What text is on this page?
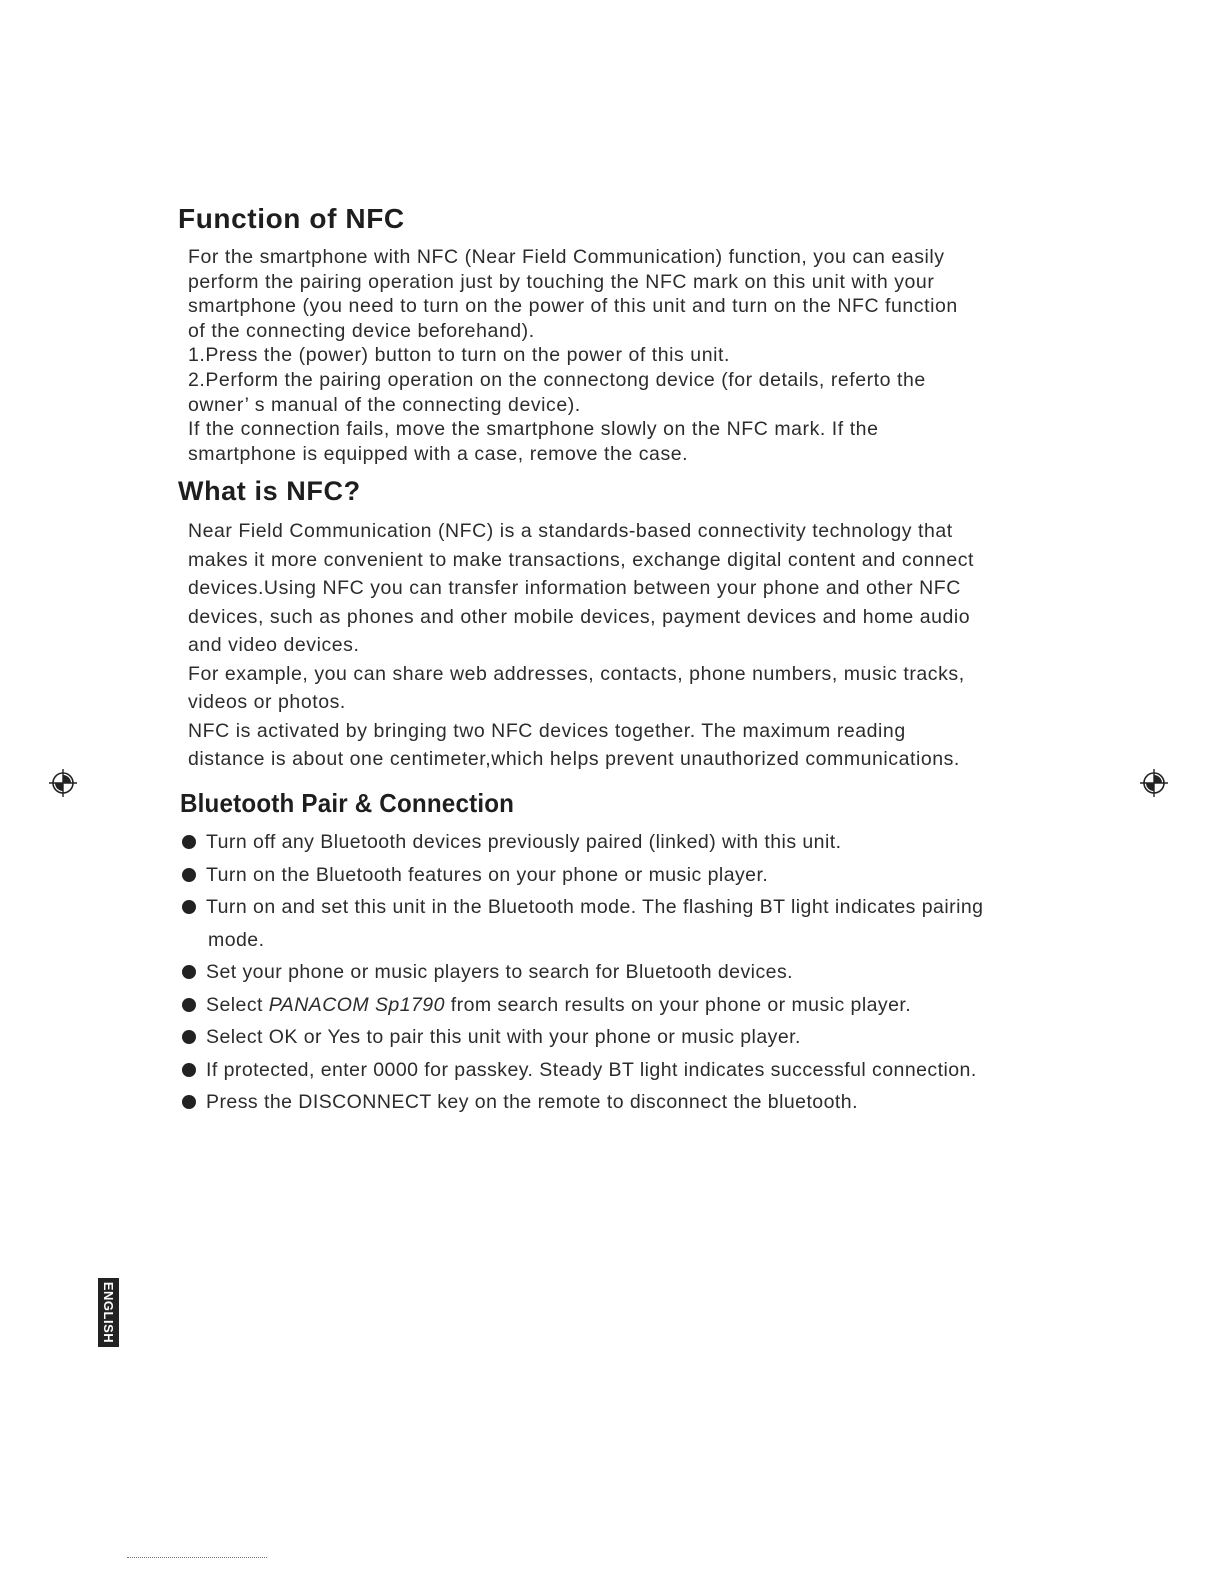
Function of NFC
For the smartphone with NFC (Near Field Communication) function, you can easily
perform the pairing operation just by touching the NFC mark on this unit with your
smartphone (you need to turn on the power of this unit and turn on the NFC function
of the connecting device beforehand).
1.Press the (power) button to turn on the power of this unit.
2.Perform the pairing operation on the connectong device (for details, referto the
owner’ s manual of the connecting device).
If the connection fails, move the smartphone slowly on the NFC mark. If the
smartphone is equipped with a case, remove the case.
What is NFC?
Near Field Communication (NFC) is a standards-based connectivity technology that
makes it more convenient to make transactions, exchange digital content and connect
devices.Using NFC you can transfer information between your phone and other NFC
devices, such as phones and other mobile devices, payment devices and home audio
and video devices.
For example, you can share web addresses, contacts, phone numbers, music tracks,
videos or photos.
NFC is activated by bringing two NFC devices together. The maximum reading
distance is about one centimeter,which helps prevent unauthorized communications.
Bluetooth Pair & Connection
Turn off any Bluetooth devices previously paired (linked) with this unit.
Turn on the Bluetooth features on your phone or music player.
Turn on and set this unit in the Bluetooth mode. The flashing BT light indicates pairing
mode.
Set your phone or music players to search for Bluetooth devices.
Select PANACOM Sp1790 from search results on your phone or music player.
Select OK or Yes to pair this unit with your phone or music player.
If protected, enter 0000 for passkey. Steady BT light indicates successful connection.
Press the DISCONNECT key on the remote to disconnect the bluetooth.
ENGLISH
